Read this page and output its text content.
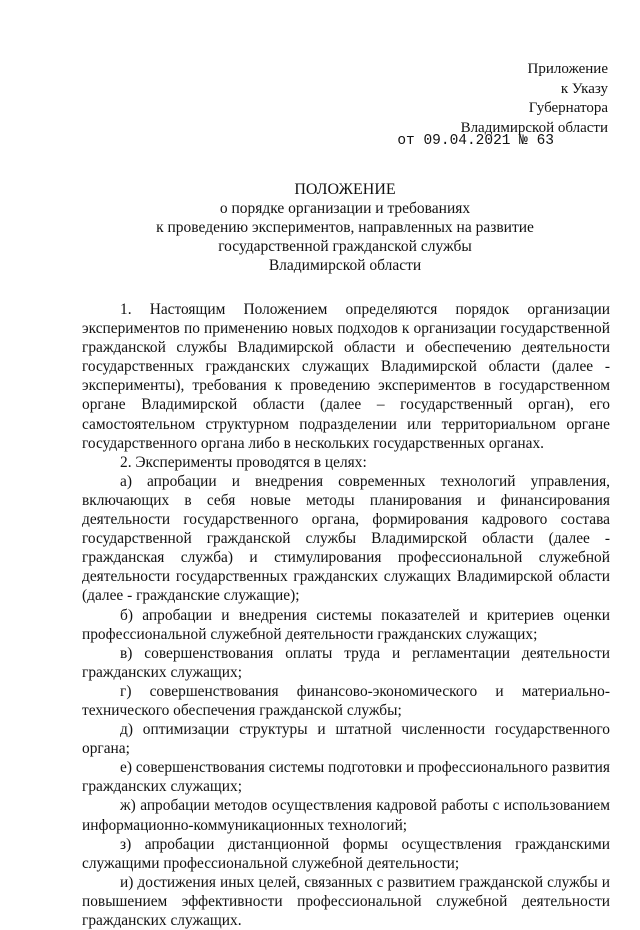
Приложение
к Указу
Губернатора
Владимирской области
от 09.04.2021 № 63
ПОЛОЖЕНИЕ
о порядке организации и требованиях
к проведению экспериментов, направленных на развитие
государственной гражданской службы
Владимирской области

1. Настоящим Положением определяются порядок организации экспериментов по применению новых подходов к организации государственной гражданской службы Владимирской области и обеспечению деятельности государственных гражданских служащих Владимирской области (далее - эксперименты), требования к проведению экспериментов в государственном органе Владимирской области (далее – государственный орган), его самостоятельном структурном подразделении или территориальном органе государственного органа либо в нескольких государственных органах.

2. Эксперименты проводятся в целях:

а) апробации и внедрения современных технологий управления, включающих в себя новые методы планирования и финансирования деятельности государственного органа, формирования кадрового состава государственной гражданской службы Владимирской области (далее - гражданская служба) и стимулирования профессиональной служебной деятельности государственных гражданских служащих Владимирской области (далее - гражданские служащие);

б) апробации и внедрения системы показателей и критериев оценки профессиональной служебной деятельности гражданских служащих;

в) совершенствования оплаты труда и регламентации деятельности гражданских служащих;

г) совершенствования финансово-экономического и материально-технического обеспечения гражданской службы;

д) оптимизации структуры и штатной численности государственного органа;

е) совершенствования системы подготовки и профессионального развития гражданских служащих;

ж) апробации методов осуществления кадровой работы с использованием информационно-коммуникационных технологий;

з) апробации дистанционной формы осуществления гражданскими служащими профессиональной служебной деятельности;

и) достижения иных целей, связанных с развитием гражданской службы и повышением эффективности профессиональной служебной деятельности гражданских служащих.
